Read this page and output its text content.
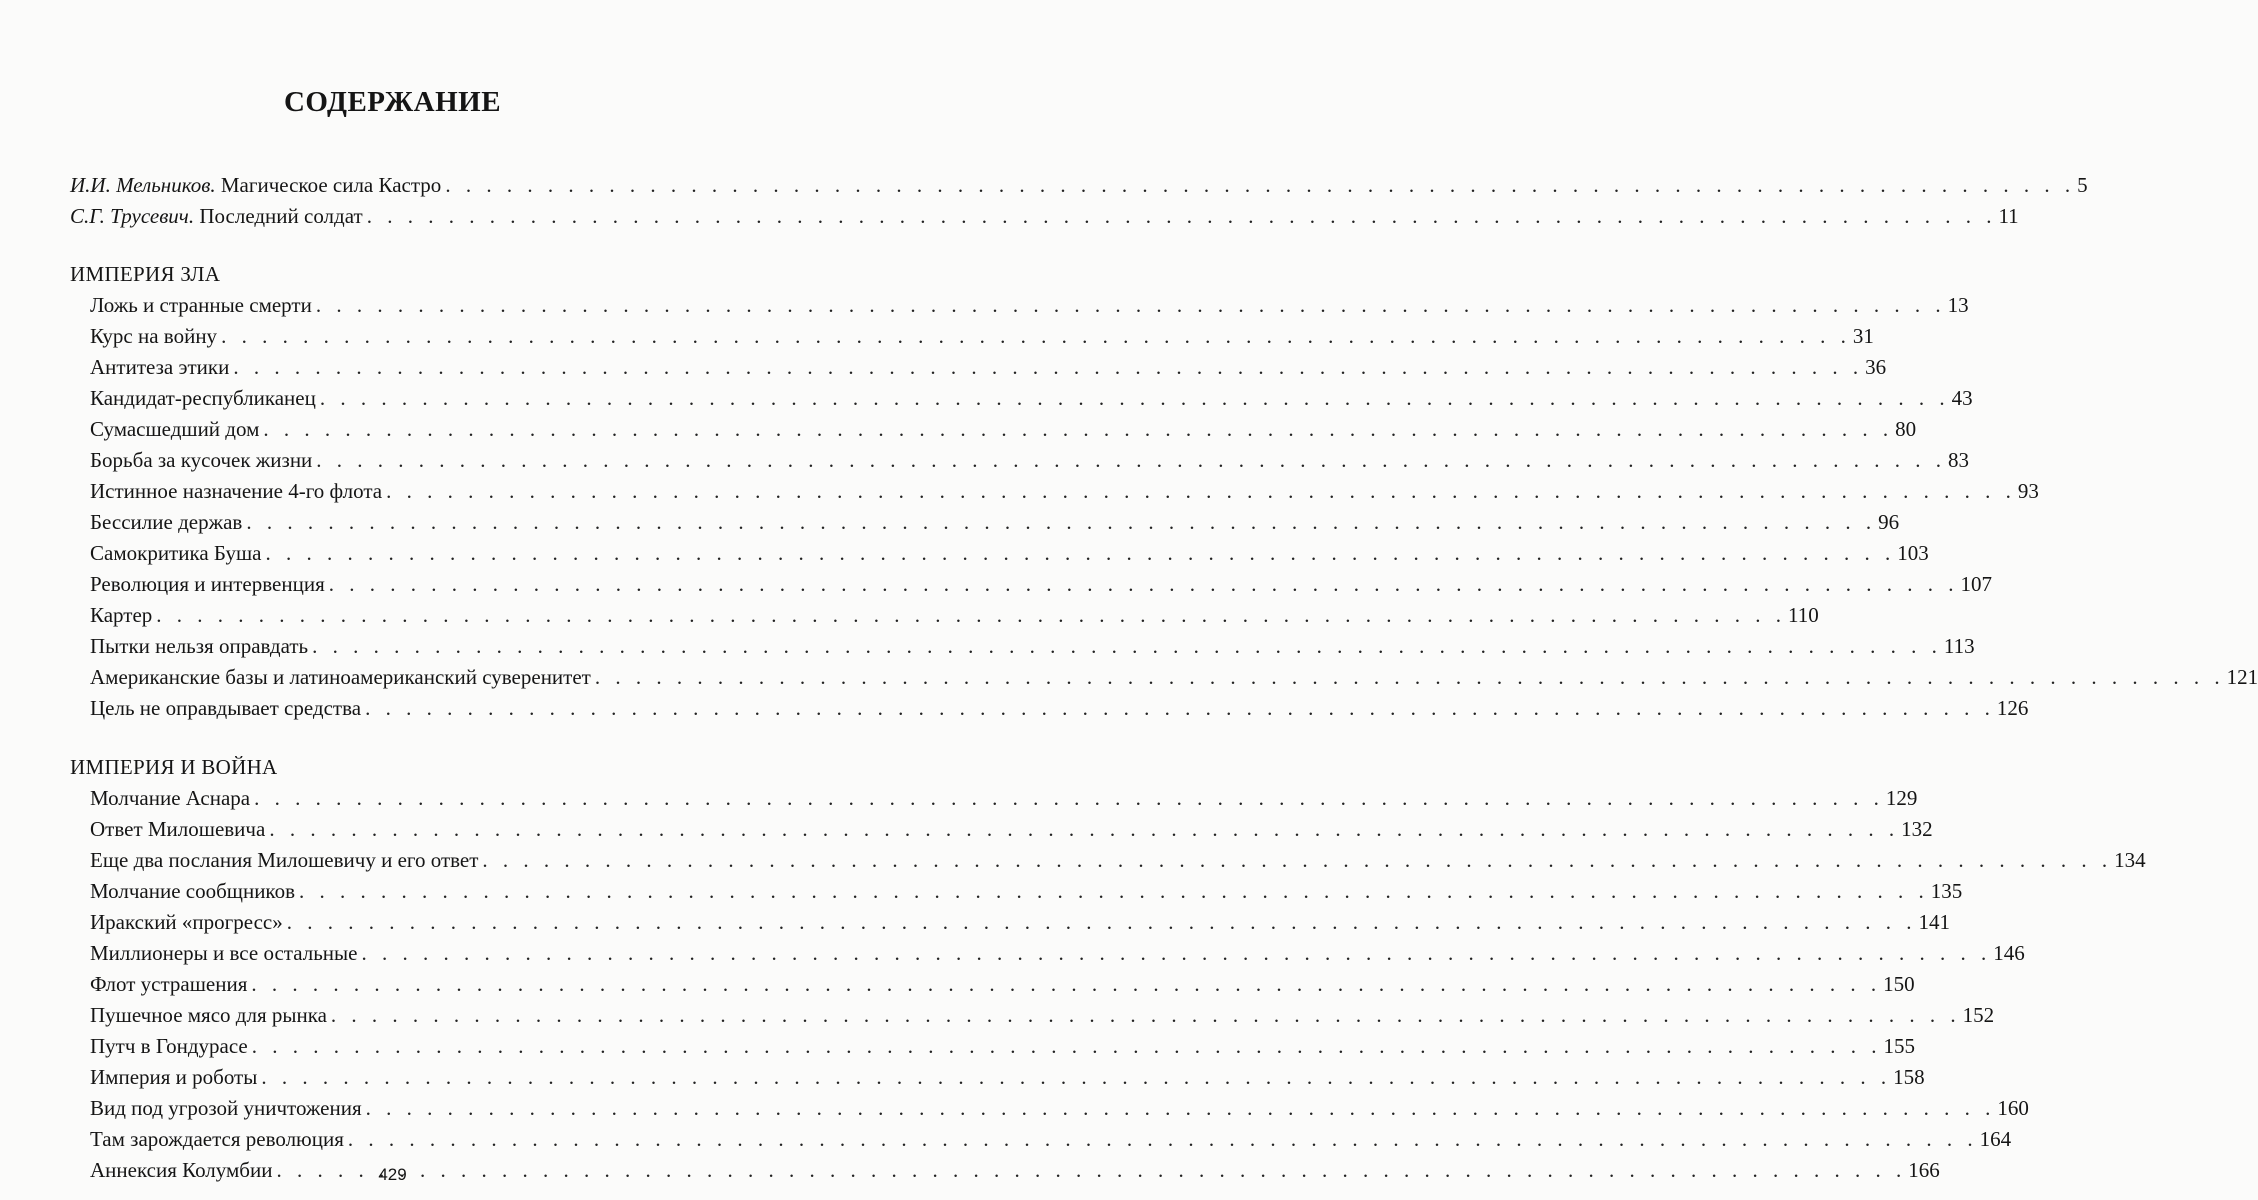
СОДЕРЖАНИЕ
И.И. Мельников. Магическое сила Кастро . . .	5
С.Г. Трусевич. Последний солдат . . .	11
ИМПЕРИЯ ЗЛА
Ложь и странные смерти . . .	13
Курс на войну . . .	31
Антитеза этики . . .	36
Кандидат-республиканец . . .	43
Сумасшедший дом . . .	80
Борьба за кусочек жизни . . .	83
Истинное назначение 4-го флота . . .	93
Бессилие держав . . .	96
Самокритика Буша . . .	103
Революция и интервенция . . .	107
Картер . . .	110
Пытки нельзя оправдать . . .	113
Американские базы и латиноамериканский суверенитет . . .	121
Цель не оправдывает средства . . .	126
ИМПЕРИЯ И ВОЙНА
Молчание Аснара . . .	129
Ответ Милошевича . . .	132
Еще два послания Милошевичу и его ответ . . .	134
Молчание сообщников . . .	135
Иракский «прогресс» . . .	141
Миллионеры и все остальные . . .	146
Флот устрашения . . .	150
Пушечное мясо для рынка . . .	152
Путч в Гондурасе . . .	155
Империя и роботы . . .	158
Вид под угрозой уничтожения . . .	160
Там зарождается революция . . .	164
Аннексия Колумбии . . .	166
429
